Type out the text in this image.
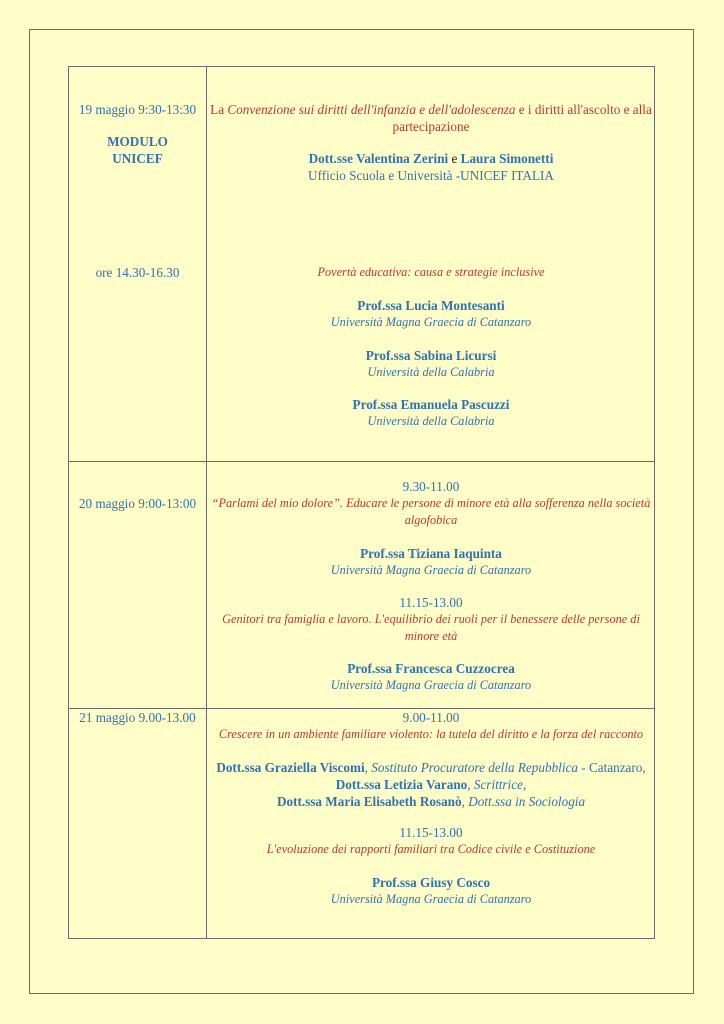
19 maggio 9:30-13:30
MODULO
UNICEF
La Convenzione sui diritti dell'infanzia e dell'adolescenza e i diritti all'ascolto e alla
partecipazione
Dott.sse Valentina Zerini e Laura Simonetti
Ufficio Scuola e Università -UNICEF ITALIA
ore 14.30-16.30	Povertà educativa: causa e strategie inclusive
Prof.ssa Lucia Montesanti
Università Magna Graecia di Catanzaro
Prof.ssa Sabina Licursi
Università della Calabria
Prof.ssa Emanuela Pascuzzi
Università della Calabria
20 maggio 9:00-13:00
9.30-11.00
“Parlami del mio dolore”. Educare le persone di minore età alla sofferenza nella società
algofobica
Prof.ssa Tiziana Iaquinta
Università Magna Graecia di Catanzaro
11.15-13.00
Genitori tra famiglia e lavoro. L'equilibrio dei ruoli per il benessere delle persone di
minore età
Prof.ssa Francesca Cuzzocrea
Università Magna Graecia di Catanzaro
21 maggio 9.00-13.00	9.00-11.00
Crescere in un ambiente familiare violento: la tutela del diritto e la forza del racconto
Dott.ssa Graziella Viscomi, Sostituto Procuratore della Repubblica - Catanzaro,
Dott.ssa Letizia Varano, Scrittrice,
Dott.ssa Maria Elisabeth Rosanò, Dott.ssa in Sociologia
11.15-13.00
L'evoluzione dei rapporti familiari tra Codice civile e Costituzione
Prof.ssa Giusy Cosco
Università Magna Graecia di Catanzaro
